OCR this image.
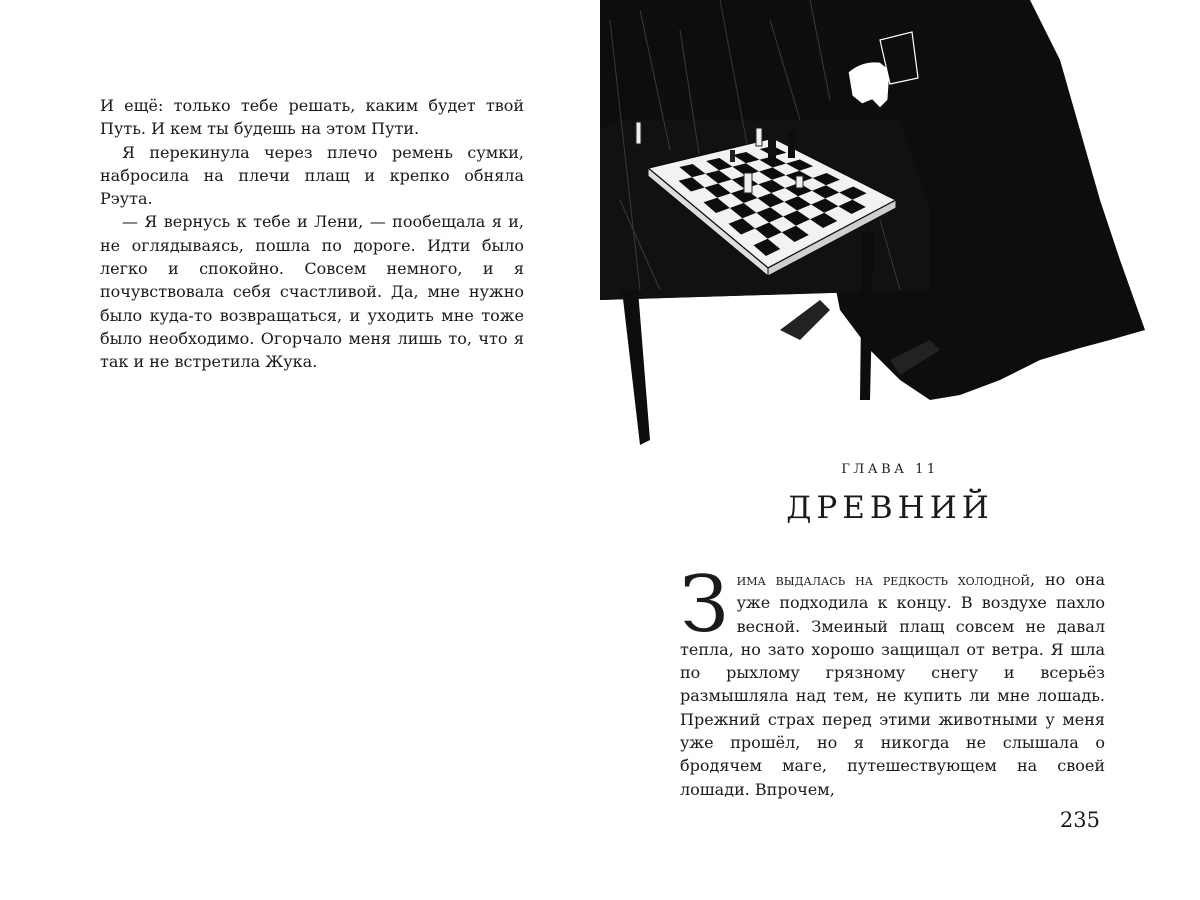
И ещё: только тебе решать, каким будет твой Путь. И кем ты будешь на этом Пути.

Я перекинула через плечо ремень сумки, набросила на плечи плащ и крепко обняла Рэута.

— Я вернусь к тебе и Лени, — пообещала я и, не оглядываясь, пошла по дороге. Идти было легко и спокойно. Совсем немного, и я почувствовала себя счастливой. Да, мне нужно было куда-то возвращаться, и уходить мне тоже было необходимо. Огорчало меня лишь то, что я так и не встретила Жука.

ГЛАВА 11
ДРЕВНИЙ

Зима выдалась на редкость холодной, но она уже подходила к концу. В воздухе пахло весной. Змеиный плащ совсем не давал тепла, но зато хорошо защищал от ветра. Я шла по рыхлому грязному снегу и всерьёз размышляла над тем, не купить ли мне лошадь. Прежний страх перед этими животными у меня уже прошёл, но я никогда не слышала о бродячем маге, путешествующем на своей лошади. Впрочем,

235
